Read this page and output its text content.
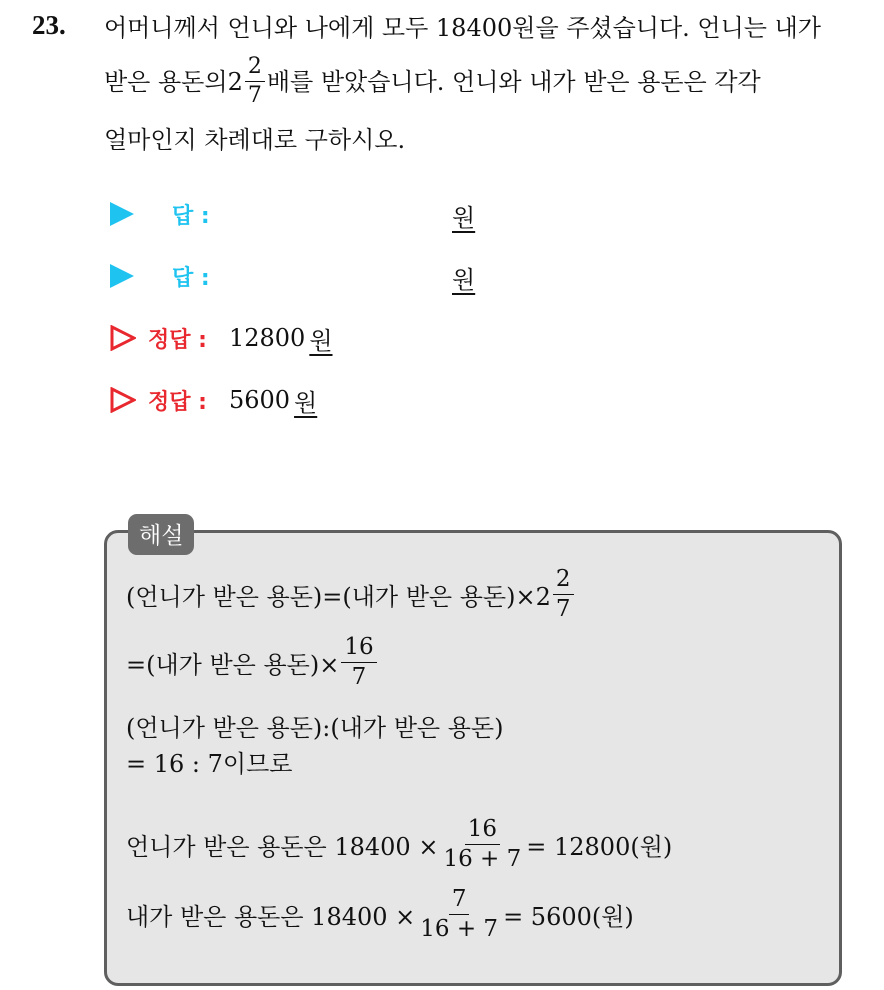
23. 어머니께서 언니와 나에게 모두 18400원을 주셨습니다. 언니는 내가
받은 용돈의 $2 \frac{2}{7}$ 배를 받았습니다. 언니와 내가 받은 용돈은 각각
얼마인지 차례대로 구하시오.
답 :	원
답 :	원
정답 : 12800 원
정답 : 5600 원
해설
(언니가 받은 용돈)=(내가 받은 용돈)$\times 2 \frac{2}{7}$
=(내가 받은 용돈)× $\frac{16}{7}$
(언니가 받은 용돈):(내가 받은 용돈)
= 16 : 7이므로
언니가 받은 용돈은 $18400 \times \frac{16}{16 + 7} = 12800$(원)
내가 받은 용돈은 $18400 \times \frac{7}{16 + 7} = 5600$(원)
